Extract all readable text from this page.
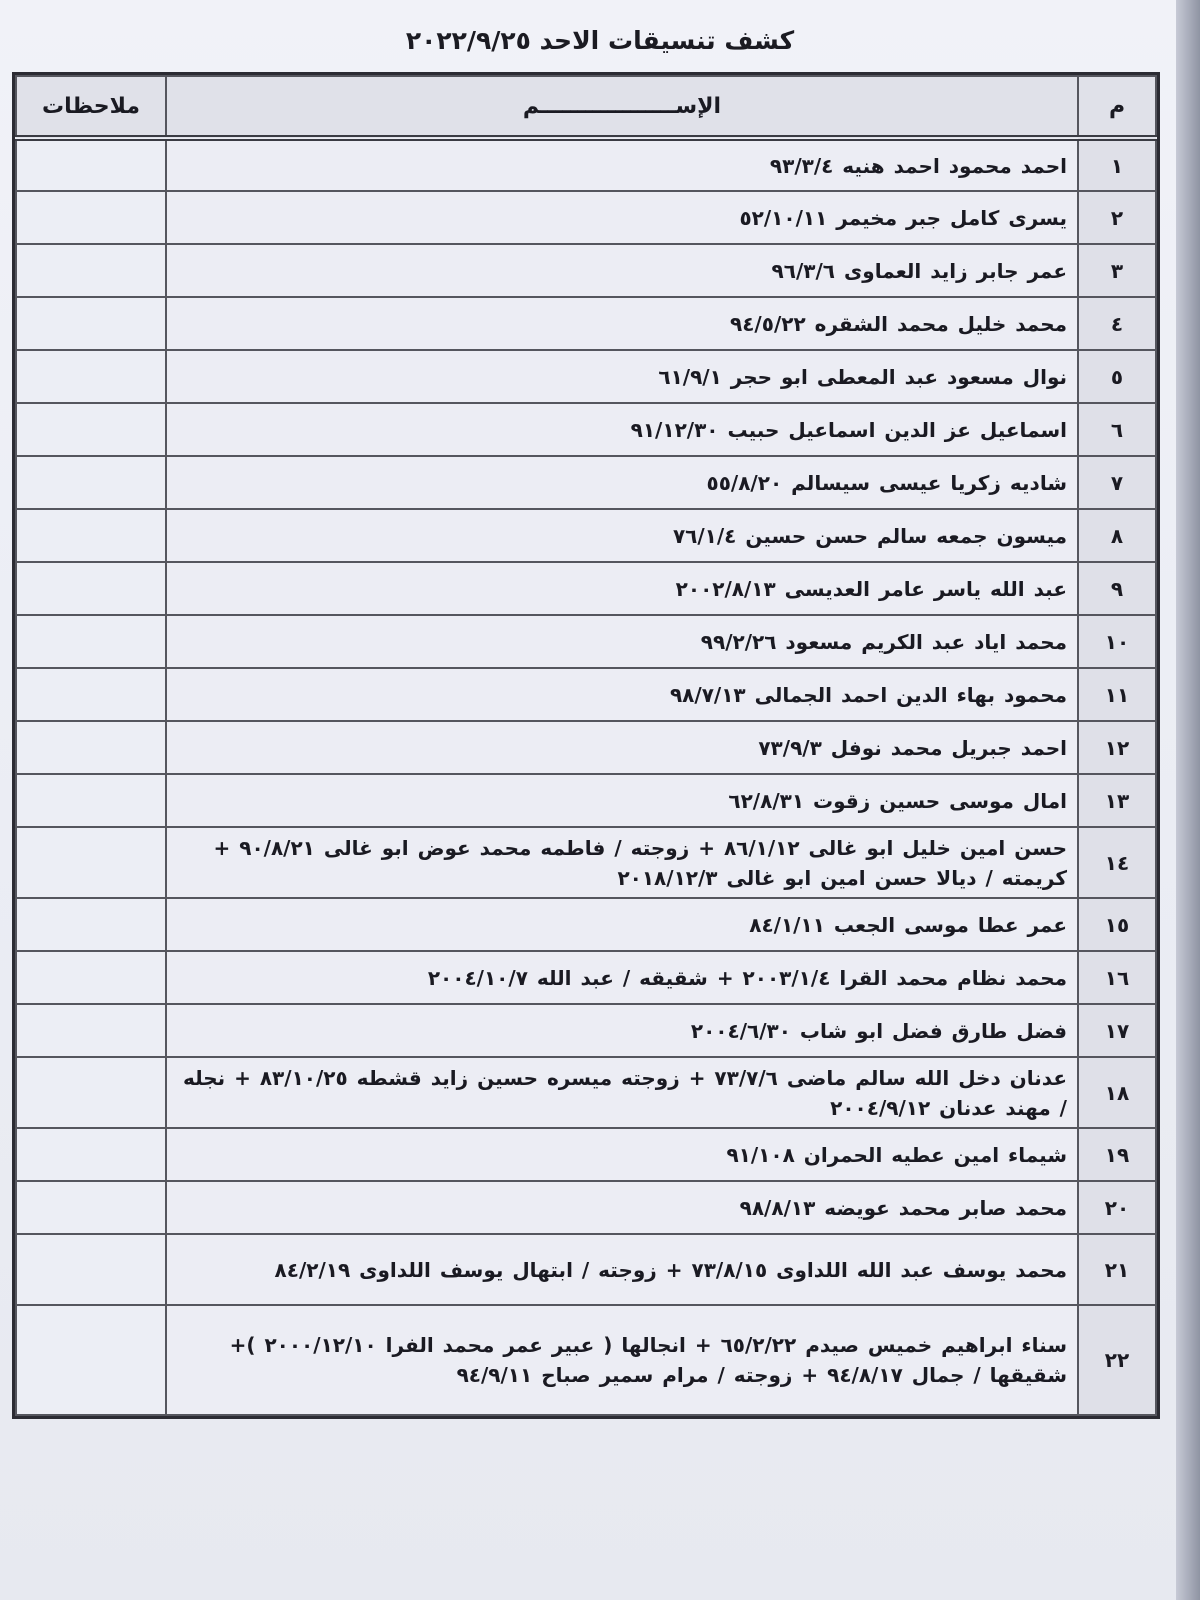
كشف تنسيقات الاحد ٢٠٢٢/٩/٢٥
م	الإســــــــــــــــــم	ملاحظات
١	احمد محمود احمد هنيه ٩٣/٣/٤	
٢	يسرى كامل جبر مخيمر ٥٢/١٠/١١	
٣	عمر جابر زايد العماوى ٩٦/٣/٦	
٤	محمد خليل محمد الشقره ٩٤/٥/٢٢	
٥	نوال مسعود عبد المعطى ابو حجر ٦١/٩/١	
٦	اسماعيل عز الدين اسماعيل حبيب ٩١/١٢/٣٠	
٧	شاديه زكريا عيسى سيسالم ٥٥/٨/٢٠	
٨	ميسون جمعه سالم حسن حسين ٧٦/١/٤	
٩	عبد الله ياسر عامر العديسى ٢٠٠٢/٨/١٣	
١٠	محمد اياد عبد الكريم مسعود ٩٩/٢/٢٦	
١١	محمود بهاء الدين احمد الجمالى ٩٨/٧/١٣	
١٢	احمد جبريل محمد نوفل ٧٣/٩/٣	
١٣	امال موسى حسين زقوت ٦٢/٨/٣١	
١٤	حسن امين خليل ابو غالى ٨٦/١/١٢ + زوجته / فاطمه محمد عوض ابو غالى ٩٠/٨/٢١ + كريمته / ديالا حسن امين ابو غالى ٢٠١٨/١٢/٣	
١٥	عمر عطا موسى الجعب ٨٤/١/١١	
١٦	محمد نظام محمد القرا ٢٠٠٣/١/٤ + شقيقه / عبد الله ٢٠٠٤/١٠/٧	
١٧	فضل طارق فضل ابو شاب ٢٠٠٤/٦/٣٠	
١٨	عدنان دخل الله سالم ماضى ٧٣/٧/٦ + زوجته ميسره حسين زايد قشطه ٨٣/١٠/٢٥ + نجله / مهند عدنان ٢٠٠٤/٩/١٢	
١٩	شيماء امين عطيه الحمران ٩١/١٠٨	
٢٠	محمد صابر محمد عويضه ٩٨/٨/١٣	
٢١	محمد يوسف عبد الله اللداوى ٧٣/٨/١٥ + زوجته / ابتهال يوسف اللداوى ٨٤/٢/١٩	
٢٢	سناء ابراهيم خميس صيدم ٦٥/٢/٢٢ + انجالها ( عبير عمر محمد الفرا ٢٠٠٠/١٢/١٠ )+ شقيقها / جمال ٩٤/٨/١٧ + زوجته / مرام سمير صباح ٩٤/٩/١١	
